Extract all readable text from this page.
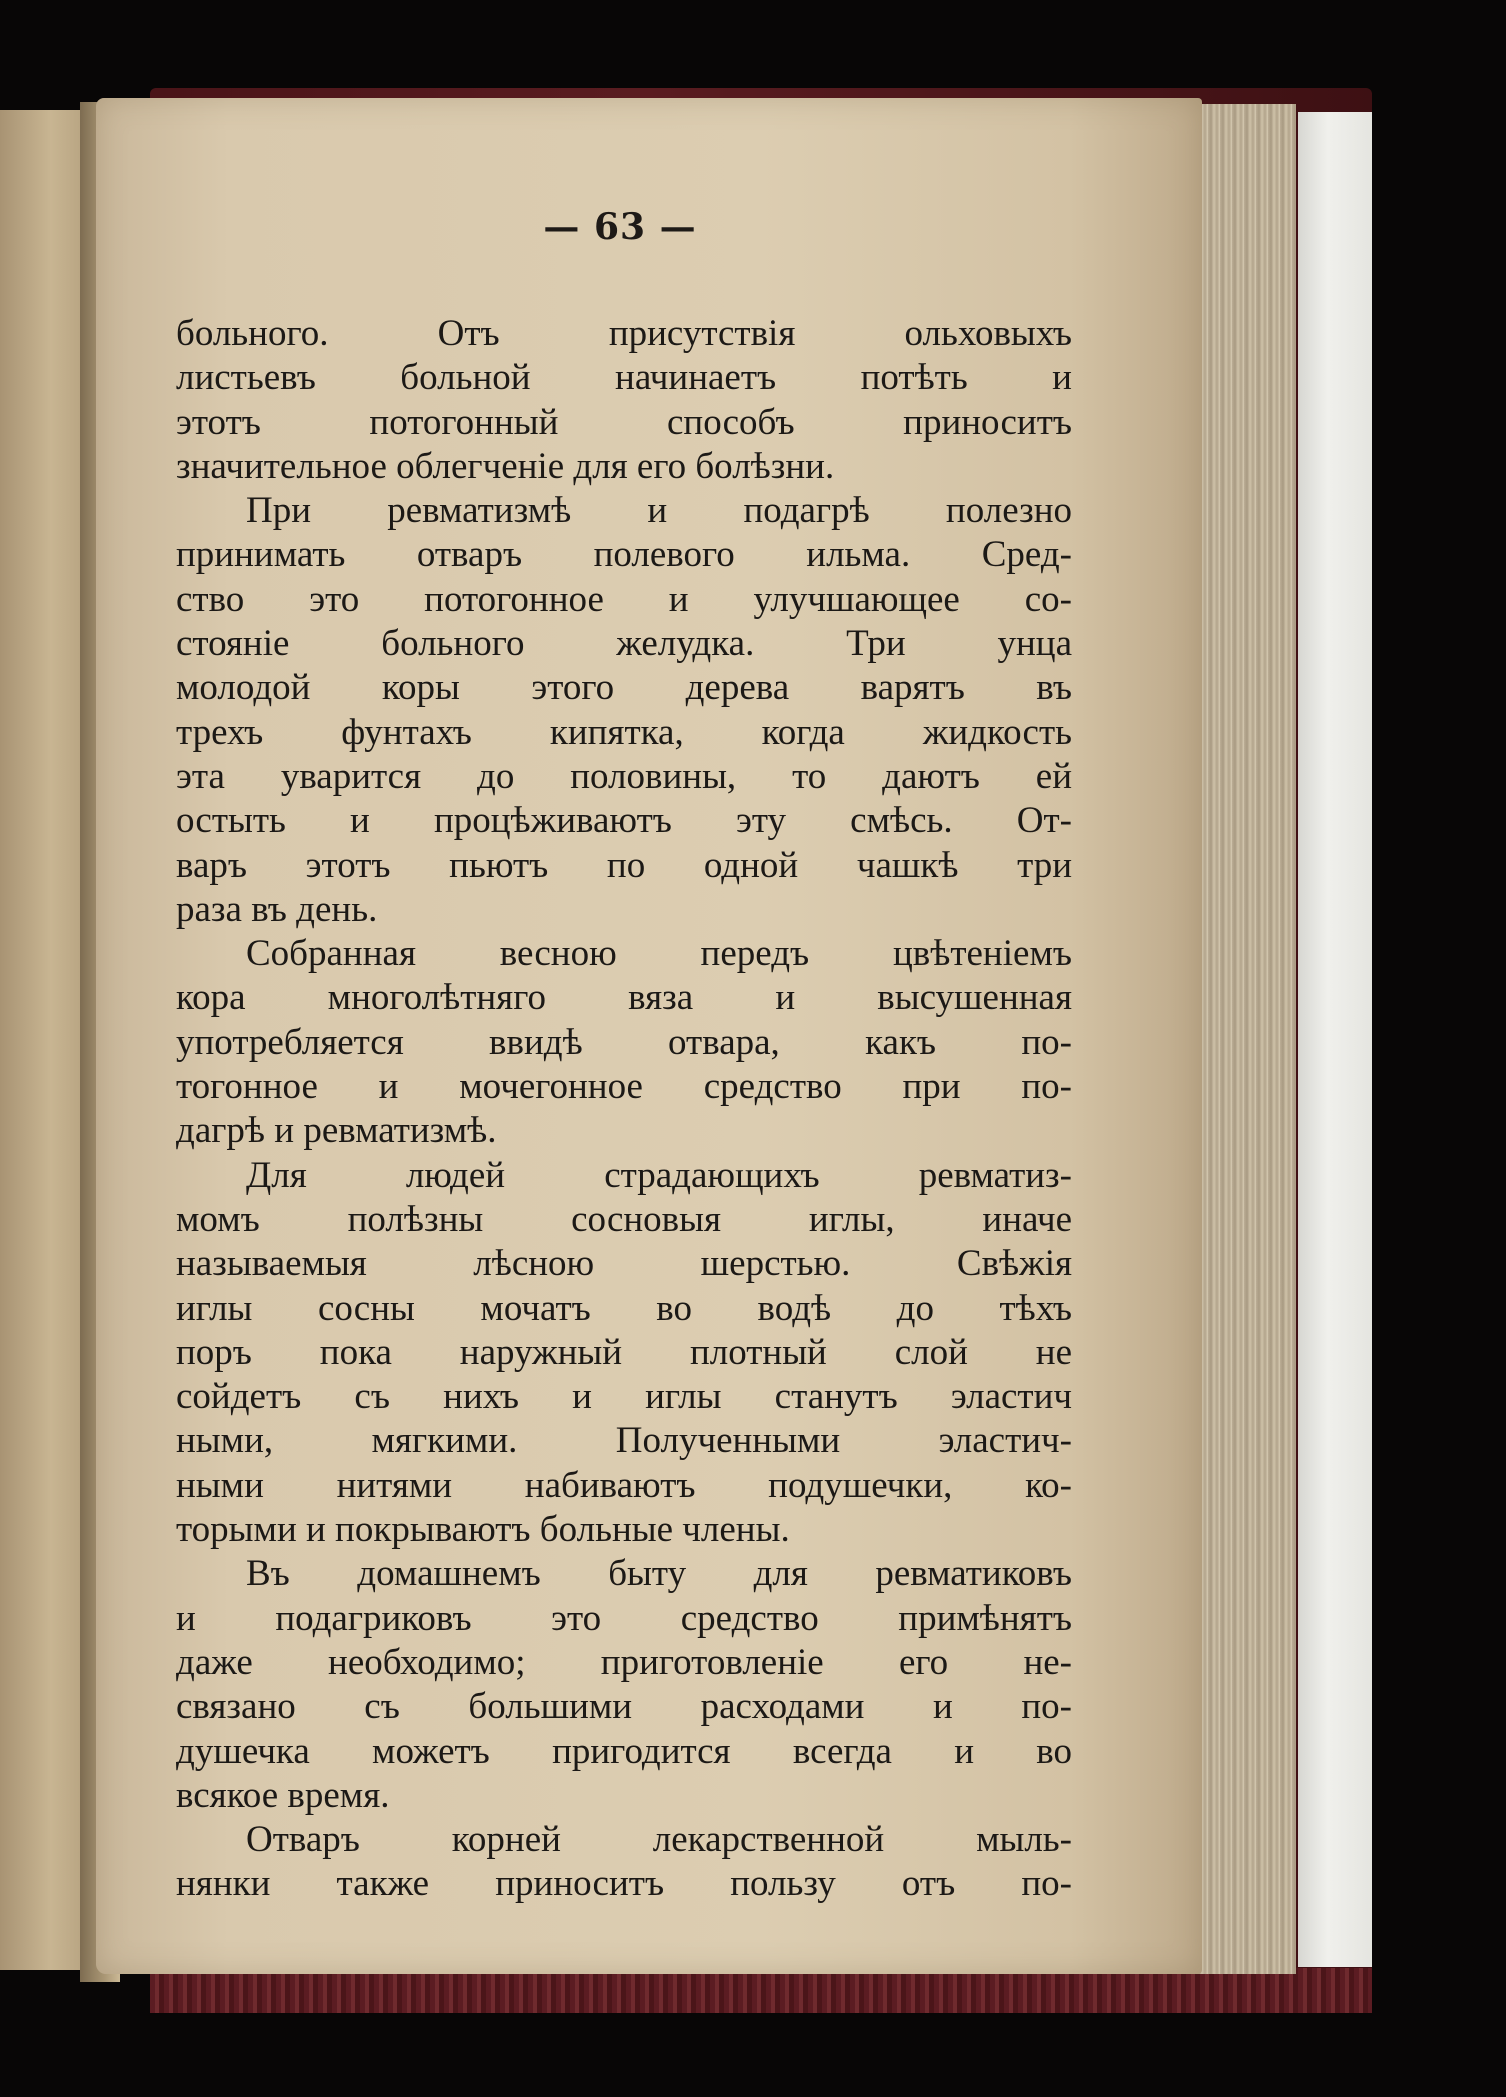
— 63 —
больного. Отъ присутствія ольховыхъ
листьевъ больной начинаетъ потѣть и
этотъ потогонный способъ приноситъ
значительное облегченіе для его болѣзни.
При ревматизмѣ и подагрѣ полезно
принимать отваръ полевого ильма. Сред-
ство это потогонное и улучшающее со-
стояніе больного желудка. Три унца
молодой коры этого дерева варятъ въ
трехъ фунтахъ кипятка, когда жидкость
эта уварится до половины, то даютъ ей
остыть и процѣживаютъ эту смѣсь. От-
варъ этотъ пьютъ по одной чашкѣ три
раза въ день.
Собранная весною передъ цвѣтеніемъ
кора многолѣтняго вяза и высушенная
употребляется ввидѣ отвара, какъ по-
тогонное и мочегонное средство при по-
дагрѣ и ревматизмѣ.
Для людей страдающихъ ревматиз-
момъ полѣзны сосновыя иглы, иначе
называемыя лѣсною шерстью. Свѣжія
иглы сосны мочатъ во водѣ до тѣхъ
поръ пока наружный плотный слой не
сойдетъ съ нихъ и иглы станутъ эластич
ными, мягкими. Полученными эластич-
ными нитями набиваютъ подушечки, ко-
торыми и покрываютъ больные члены.
Въ домашнемъ быту для ревматиковъ
и подагриковъ это средство примѣнятъ
даже необходимо; приготовленіе его не-
связано съ большими расходами и по-
душечка можетъ пригодится всегда и во
всякое время.
Отваръ корней лекарственной мыль-
нянки также приноситъ пользу отъ по-
